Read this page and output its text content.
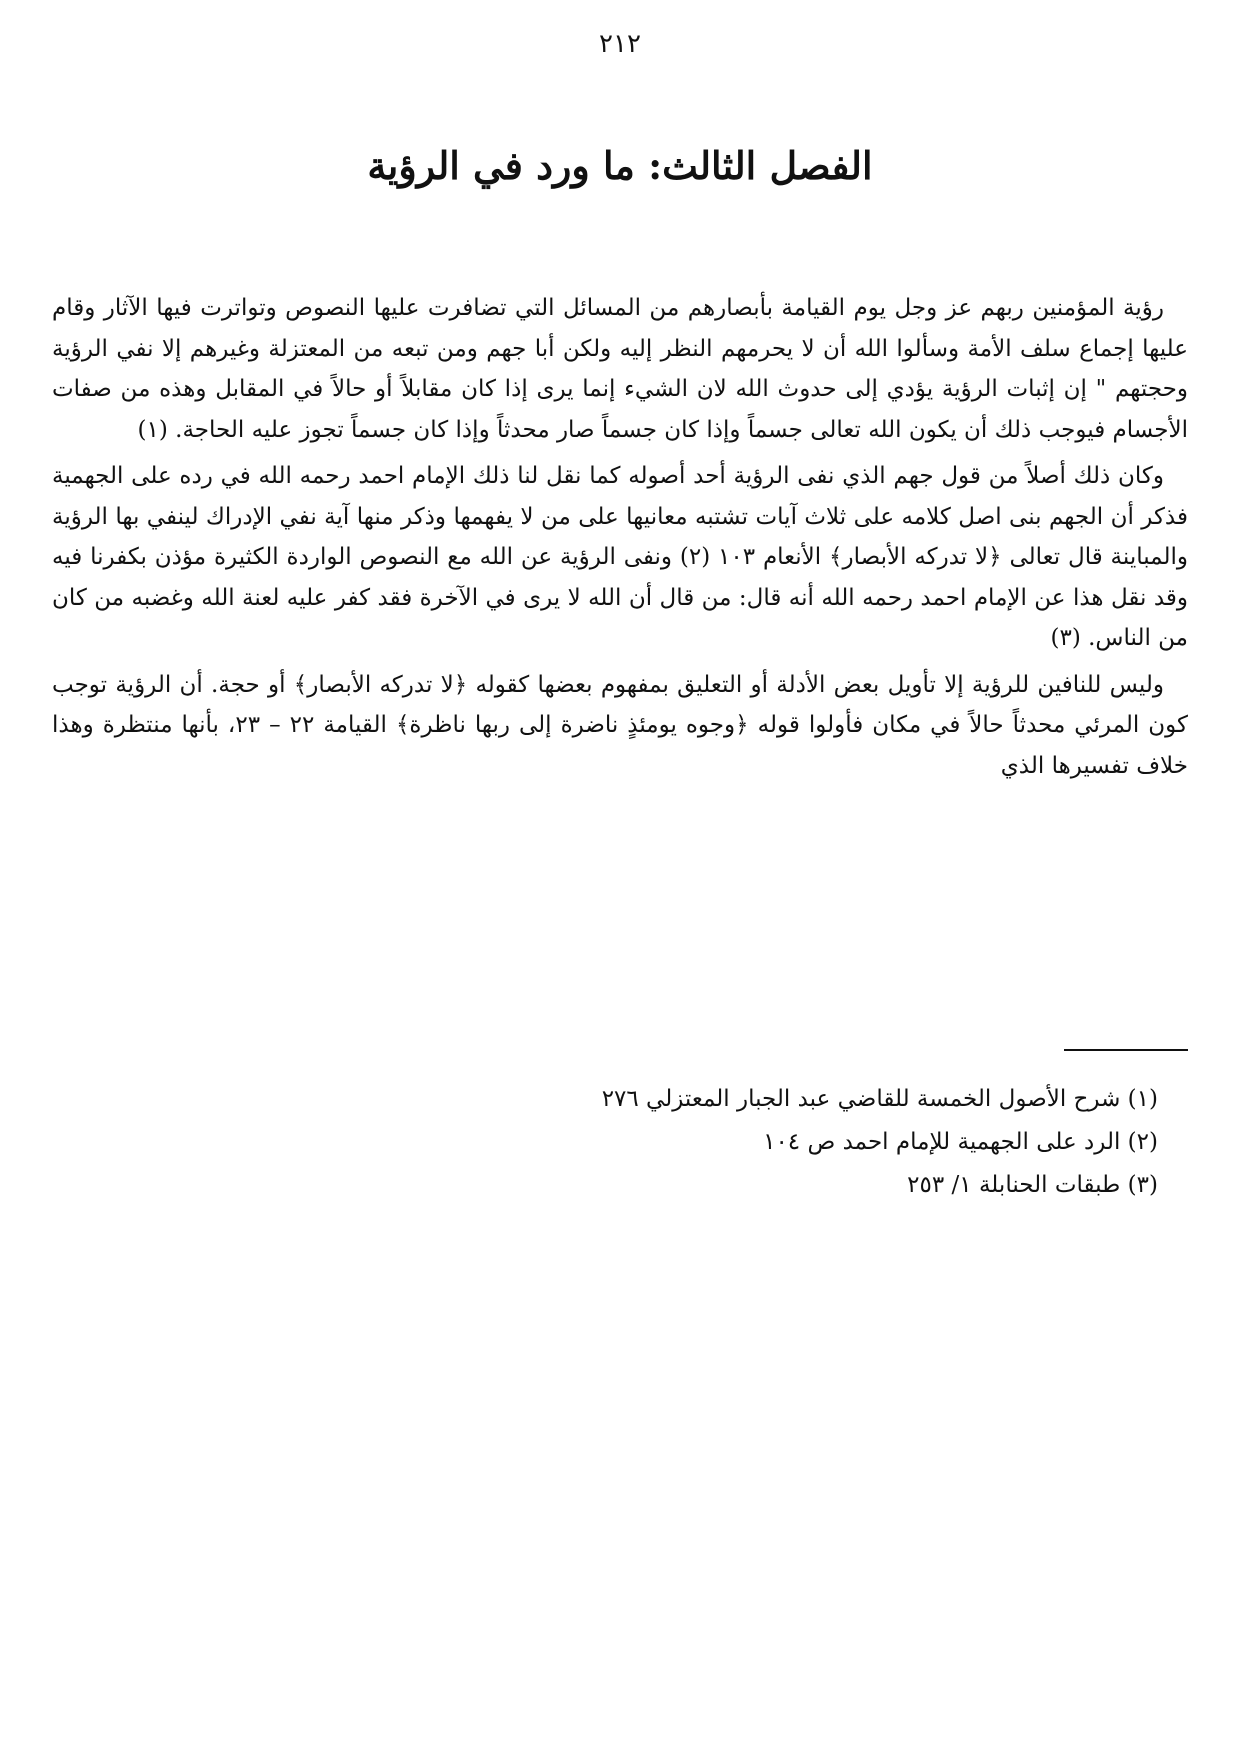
٢١٢
الفصل الثالث: ما ورد في الرؤية

رؤية المؤمنين ربهم عز وجل يوم القيامة بأبصارهم من المسائل التي تضافرت عليها النصوص وتواترت فيها الآثار وقام عليها إجماع سلف الأمة وسألوا الله أن لا يحرمهم النظر إليه ولكن أبا جهم ومن تبعه من المعتزلة وغيرهم إلا نفي الرؤية وحجتهم " إن إثبات الرؤية يؤدي إلى حدوث الله لان الشيء إنما يرى إذا كان مقابلاً أو حالاً في المقابل وهذه من صفات الأجسام فيوجب ذلك أن يكون الله تعالى جسماً وإذا كان جسماً صار محدثاً وإذا كان جسماً تجوز عليه الحاجة. (١)

وكان ذلك أصلاً من قول جهم الذي نفى الرؤية أحد أصوله كما نقل لنا ذلك الإمام احمد رحمه الله في رده على الجهمية فذكر أن الجهم بنى اصل كلامه على ثلاث آيات تشتبه معانيها على من لا يفهمها وذكر منها آية نفي الإدراك لينفي بها الرؤية والمباينة قال تعالى ﴿لا تدركه الأبصار﴾ الأنعام ١٠٣ (٢) ونفى الرؤية عن الله مع النصوص الواردة الكثيرة مؤذن بكفرنا فيه وقد نقل هذا عن الإمام احمد رحمه الله أنه قال: من قال أن الله لا يرى في الآخرة فقد كفر عليه لعنة الله وغضبه من كان من الناس. (٣)

وليس للنافين للرؤية إلا تأويل بعض الأدلة أو التعليق بمفهوم بعضها كقوله ﴿لا تدركه الأبصار﴾ أو حجة. أن الرؤية توجب كون المرئي محدثاً حالاً في مكان فأولوا قوله ﴿وجوه يومئذٍ ناضرة إلى ربها ناظرة﴾ القيامة ٢٢ – ٢٣، بأنها منتظرة وهذا خلاف تفسيرها الذي

(١) شرح الأصول الخمسة للقاضي عبد الجبار المعتزلي ٢٧٦
(٢) الرد على الجهمية للإمام احمد ص ١٠٤
(٣) طبقات الحنابلة ١/ ٢٥٣
